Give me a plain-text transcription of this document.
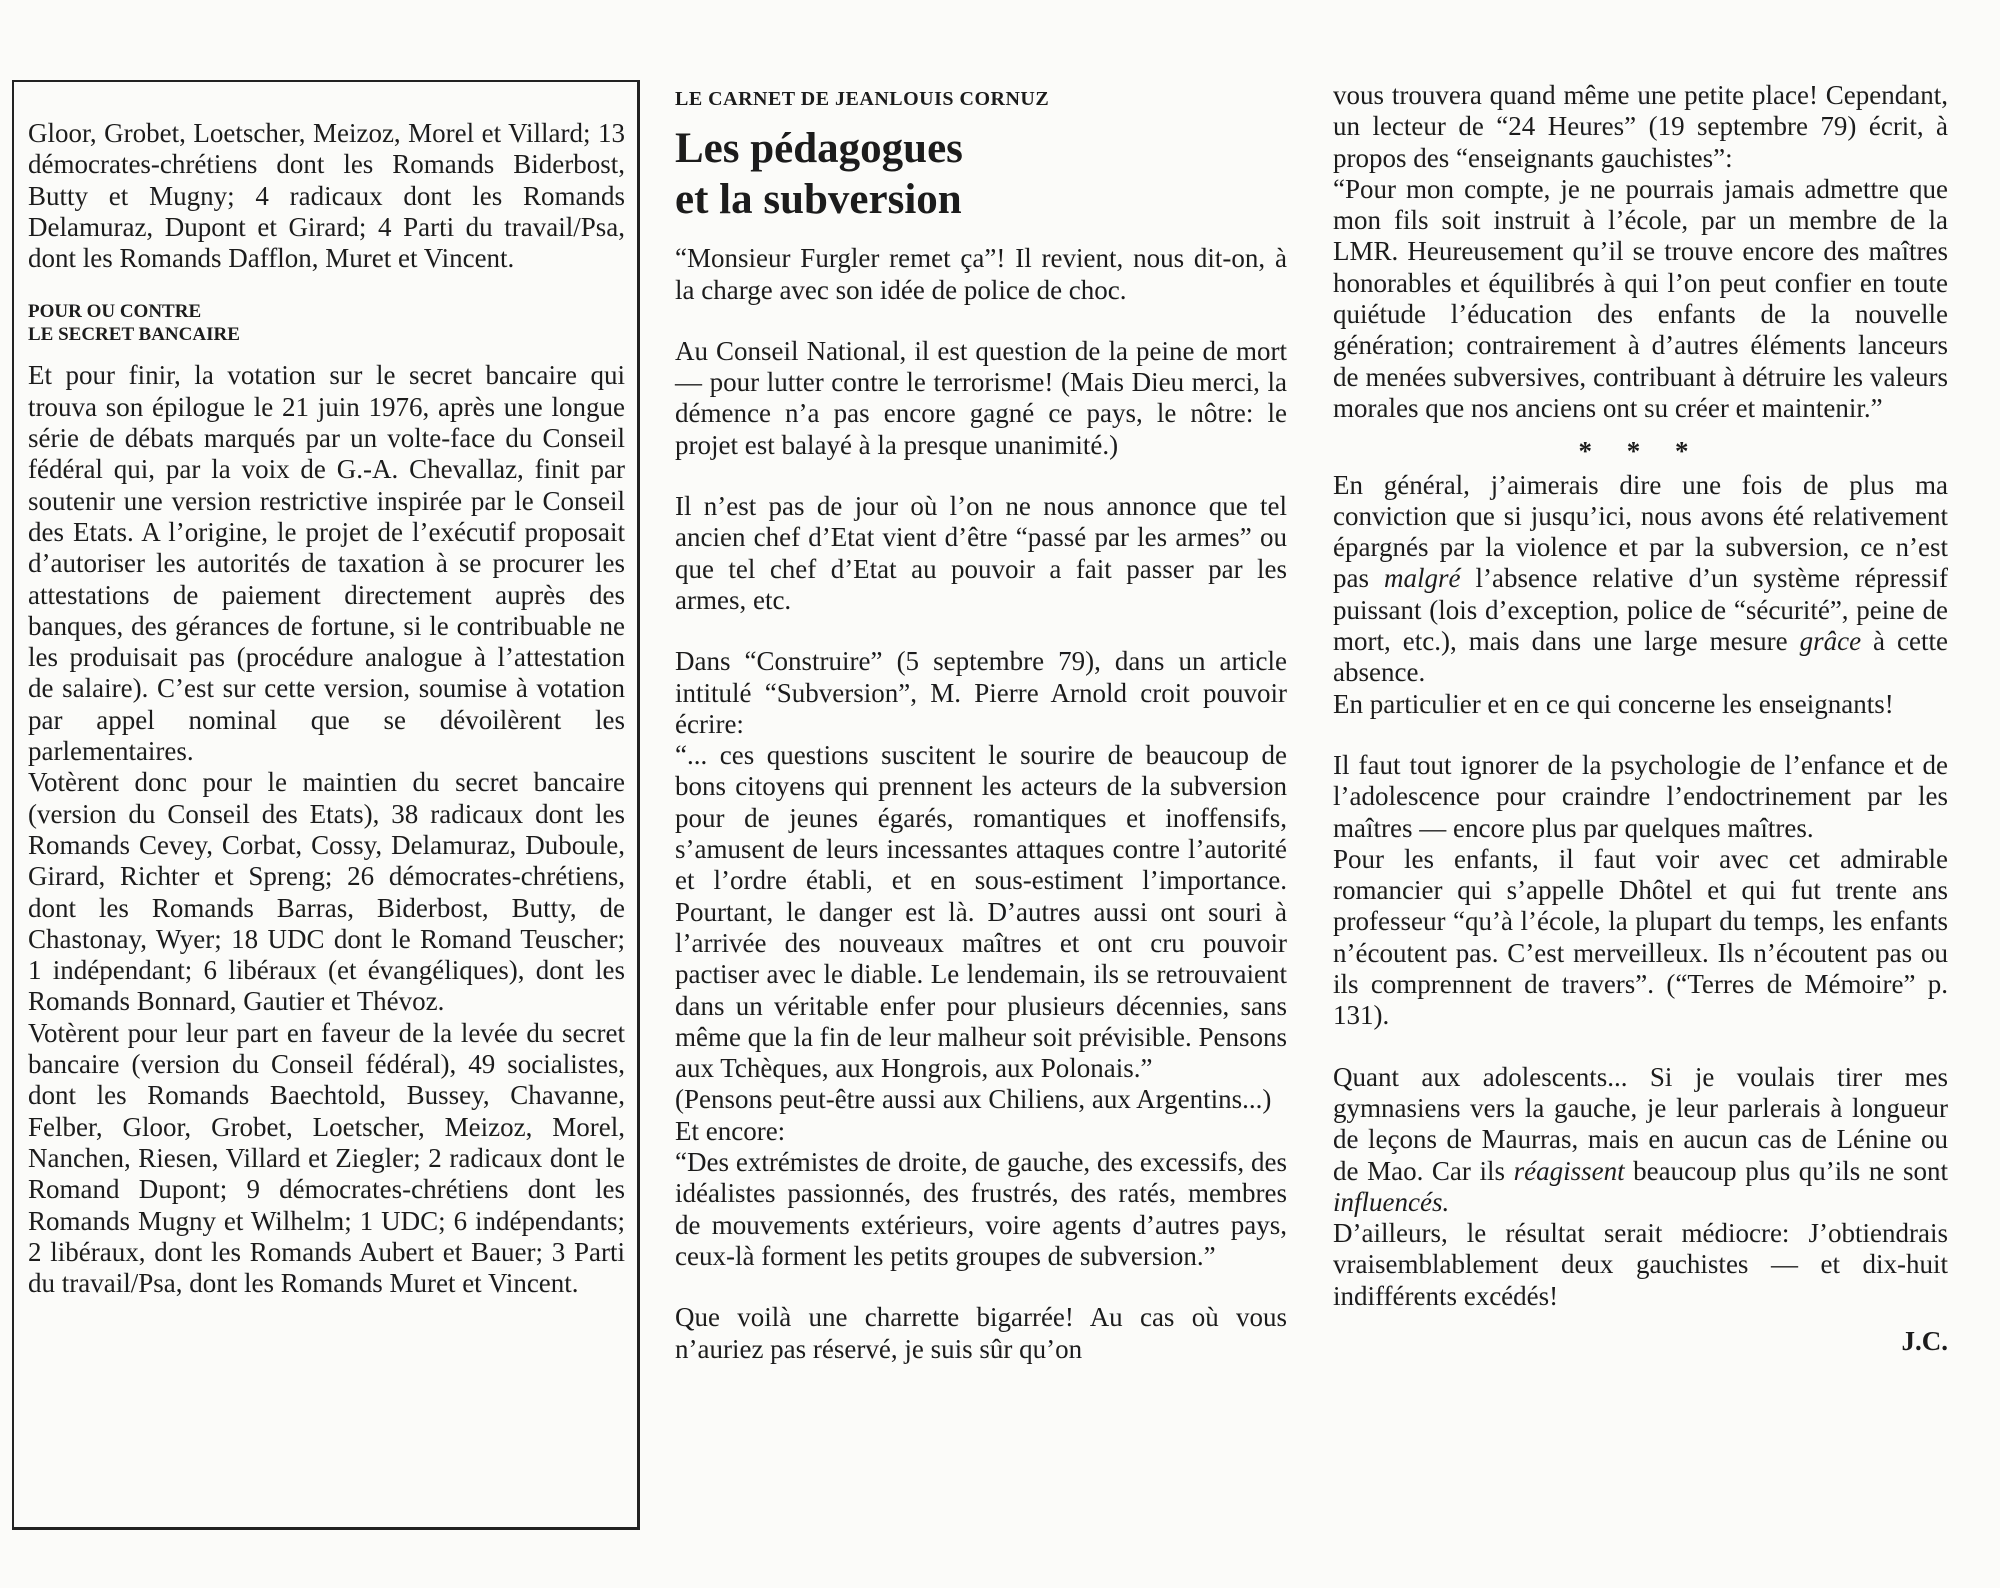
Gloor, Grobet, Loetscher, Meizoz, Morel et Villard; 13 démocrates-chrétiens dont les Romands Biderbost, Butty et Mugny; 4 radicaux dont les Romands Delamuraz, Dupont et Girard; 4 Parti du travail/Psa, dont les Romands Dafflon, Muret et Vincent.

POUR OU CONTRE
LE SECRET BANCAIRE

Et pour finir, la votation sur le secret bancaire qui trouva son épilogue le 21 juin 1976, après une longue série de débats marqués par un volte-face du Conseil fédéral qui, par la voix de G.-A. Chevallaz, finit par soutenir une version restrictive inspirée par le Conseil des Etats. A l’origine, le projet de l’exécutif proposait d’autoriser les autorités de taxation à se procurer les attestations de paiement directement auprès des banques, des gérances de fortune, si le contribuable ne les produisait pas (procédure analogue à l’attestation de salaire). C’est sur cette version, soumise à votation par appel nominal que se dévoilèrent les parlementaires.

Votèrent donc pour le maintien du secret bancaire (version du Conseil des Etats), 38 radicaux dont les Romands Cevey, Corbat, Cossy, Delamuraz, Duboule, Girard, Richter et Spreng; 26 démocrates-chrétiens, dont les Romands Barras, Biderbost, Butty, de Chastonay, Wyer; 18 UDC dont le Romand Teuscher; 1 indépendant; 6 libéraux (et évangéliques), dont les Romands Bonnard, Gautier et Thévoz.

Votèrent pour leur part en faveur de la levée du secret bancaire (version du Conseil fédéral), 49 socialistes, dont les Romands Baechtold, Bussey, Chavanne, Felber, Gloor, Grobet, Loetscher, Meizoz, Morel, Nanchen, Riesen, Villard et Ziegler; 2 radicaux dont le Romand Dupont; 9 démocrates-chrétiens dont les Romands Mugny et Wilhelm; 1 UDC; 6 indépendants; 2 libéraux, dont les Romands Aubert et Bauer; 3 Parti du travail/Psa, dont les Romands Muret et Vincent.

LE CARNET DE JEANLOUIS CORNUZ
Les pédagogues
et la subversion

“Monsieur Furgler remet ça”! Il revient, nous dit-on, à la charge avec son idée de police de choc.

Au Conseil National, il est question de la peine de mort — pour lutter contre le terrorisme! (Mais Dieu merci, la démence n’a pas encore gagné ce pays, le nôtre: le projet est balayé à la presque unanimité.)

Il n’est pas de jour où l’on ne nous annonce que tel ancien chef d’Etat vient d’être “passé par les armes” ou que tel chef d’Etat au pouvoir a fait passer par les armes, etc.

Dans “Construire” (5 septembre 79), dans un article intitulé “Subversion”, M. Pierre Arnold croit pouvoir écrire:

“... ces questions suscitent le sourire de beaucoup de bons citoyens qui prennent les acteurs de la subversion pour de jeunes égarés, romantiques et inoffensifs, s’amusent de leurs incessantes attaques contre l’autorité et l’ordre établi, et en sous-estiment l’importance. Pourtant, le danger est là. D’autres aussi ont souri à l’arrivée des nouveaux maîtres et ont cru pouvoir pactiser avec le diable. Le lendemain, ils se retrouvaient dans un véritable enfer pour plusieurs décennies, sans même que la fin de leur malheur soit prévisible. Pensons aux Tchèques, aux Hongrois, aux Polonais.”

(Pensons peut-être aussi aux Chiliens, aux Argentins...)

Et encore:

“Des extrémistes de droite, de gauche, des excessifs, des idéalistes passionnés, des frustrés, des ratés, membres de mouvements extérieurs, voire agents d’autres pays, ceux-là forment les petits groupes de subversion.”

Que voilà une charrette bigarrée! Au cas où vous n’auriez pas réservé, je suis sûr qu’on

vous trouvera quand même une petite place! Cependant, un lecteur de “24 Heures” (19 septembre 79) écrit, à propos des “enseignants gauchistes”:

“Pour mon compte, je ne pourrais jamais admettre que mon fils soit instruit à l’école, par un membre de la LMR. Heureusement qu’il se trouve encore des maîtres honorables et équilibrés à qui l’on peut confier en toute quiétude l’éducation des enfants de la nouvelle génération; contrairement à d’autres éléments lanceurs de menées subversives, contribuant à détruire les valeurs morales que nos anciens ont su créer et maintenir.”

* * *

En général, j’aimerais dire une fois de plus ma conviction que si jusqu’ici, nous avons été relativement épargnés par la violence et par la subversion, ce n’est pas malgré l’absence relative d’un système répressif puissant (lois d’exception, police de “sécurité”, peine de mort, etc.), mais dans une large mesure grâce à cette absence.

En particulier et en ce qui concerne les enseignants!

Il faut tout ignorer de la psychologie de l’enfance et de l’adolescence pour craindre l’endoctrinement par les maîtres — encore plus par quelques maîtres.

Pour les enfants, il faut voir avec cet admirable romancier qui s’appelle Dhôtel et qui fut trente ans professeur “qu’à l’école, la plupart du temps, les enfants n’écoutent pas. C’est merveilleux. Ils n’écoutent pas ou ils comprennent de travers”. (“Terres de Mémoire” p. 131).

Quant aux adolescents... Si je voulais tirer mes gymnasiens vers la gauche, je leur parlerais à longueur de leçons de Maurras, mais en aucun cas de Lénine ou de Mao. Car ils réagissent beaucoup plus qu’ils ne sont influencés.

D’ailleurs, le résultat serait médiocre: J’obtiendrais vraisemblablement deux gauchistes — et dix-huit indifférents excédés!

J.C.
